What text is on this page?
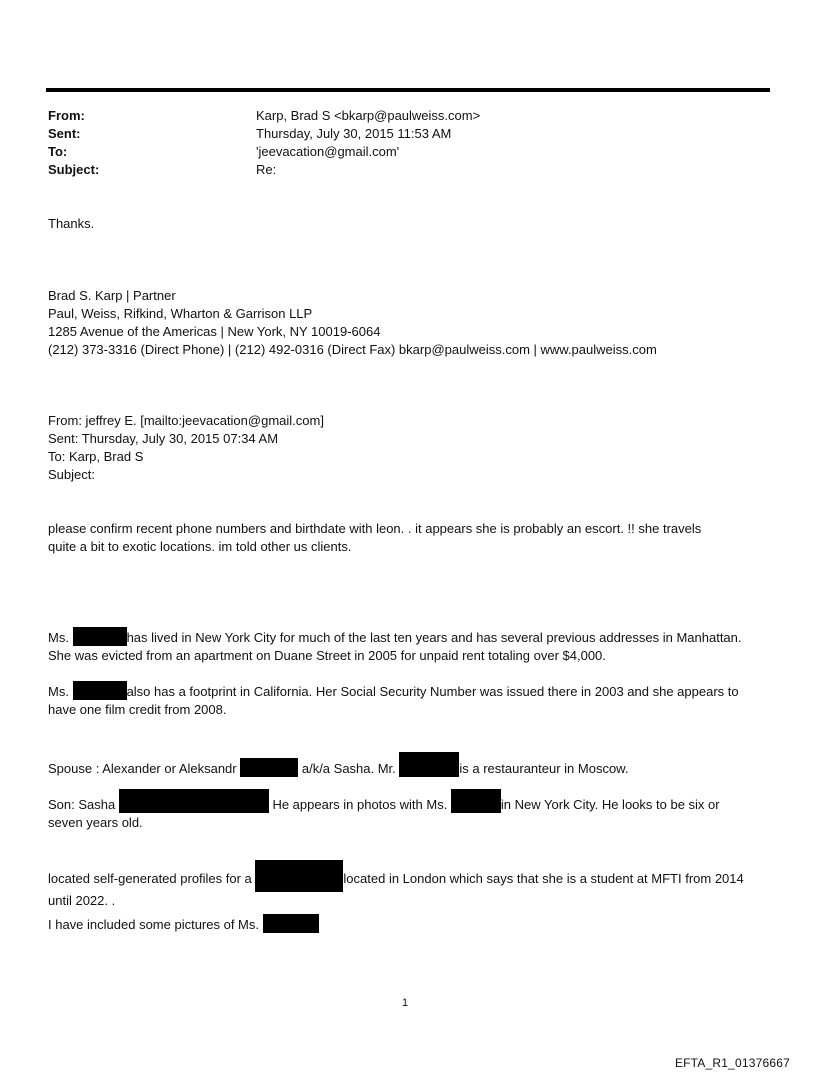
From:	Karp, Brad S <bkarp@paulweiss.com>
Sent:	Thursday, July 30, 2015 11:53 AM
To:	'jeevacation@gmail.com'
Subject:	Re:
Thanks.
Brad S. Karp | Partner
Paul, Weiss, Rifkind, Wharton & Garrison LLP
1285 Avenue of the Americas | New York, NY 10019-6064
(212) 373-3316 (Direct Phone) | (212) 492-0316 (Direct Fax) bkarp@paulweiss.com | www.paulweiss.com
From: jeffrey E. [mailto:jeevacation@gmail.com]
Sent: Thursday, July 30, 2015 07:34 AM
To: Karp, Brad S
Subject:
please confirm recent phone numbers and birthdate with leon. . it appears she is probably an escort. !! she travels
quite a bit to exotic locations. im told other us clients.
Ms.	has lived in New York City for much of the last ten years and has several previous addresses in Manhattan.
She was evicted from an apartment on Duane Street in 2005 for unpaid rent totaling over $4,000.
Ms.	also has a footprint in California. Her Social Security Number was issued there in 2003 and she appears to
have one film credit from 2008.
Spouse : Alexander or Aleksandr	a/k/a Sasha. Mr.	is a restauranteur in Moscow.
Son: Sasha	He appears in photos with Ms.	in New York City. He looks to be six or
seven years old.
located self-generated profiles for a	located in London which says that she is a student at MFTI from 2014
until 2022. .
I have included some pictures of Ms.
1
EFTA_R1_01376667
